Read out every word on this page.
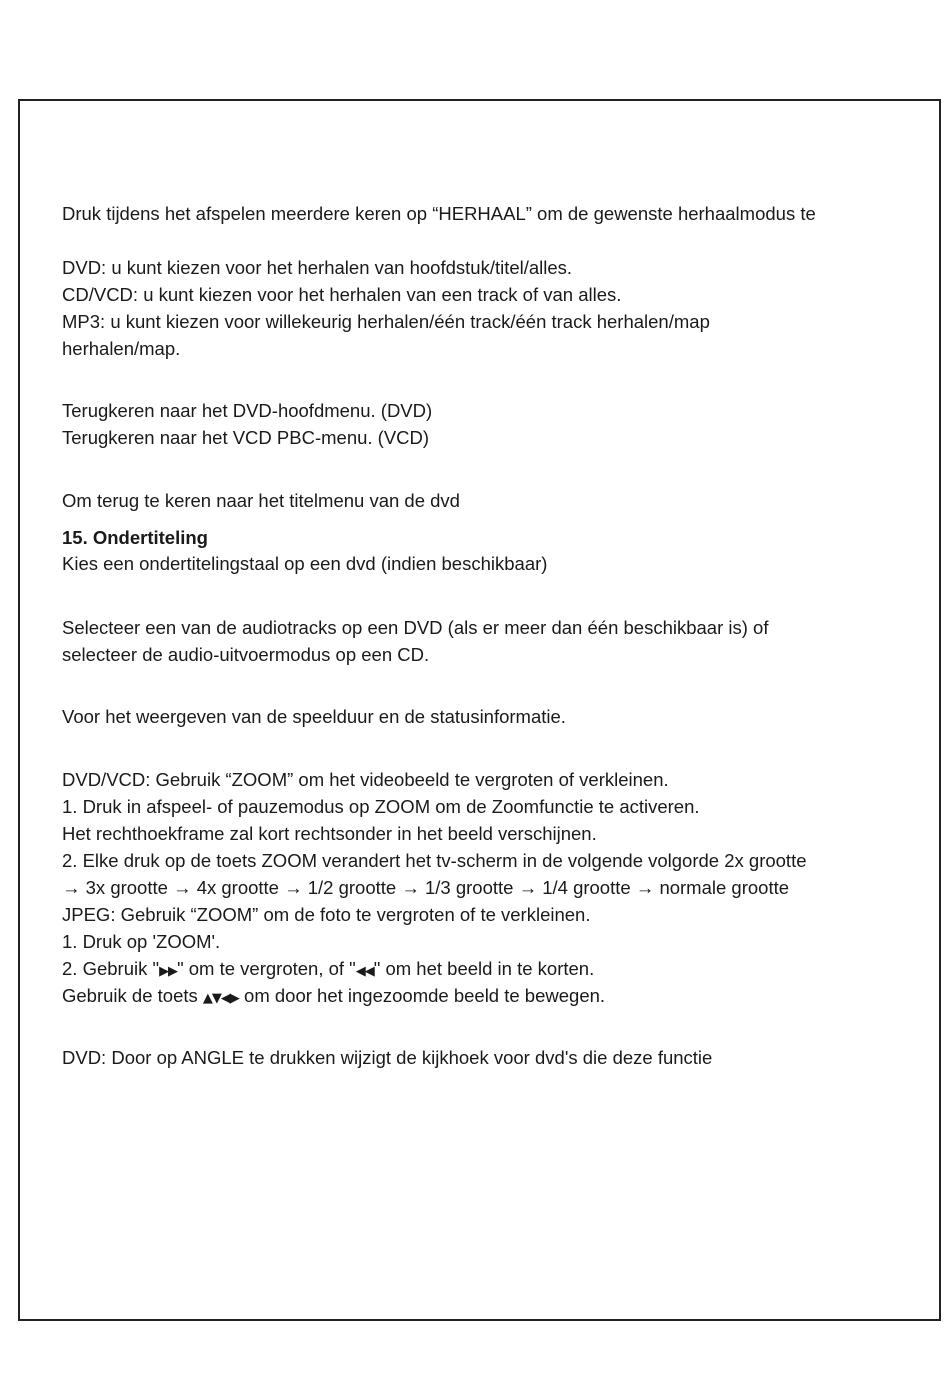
Druk tijdens het afspelen meerdere keren op “HERHAAL” om de gewenste herhaalmodus te
DVD: u kunt kiezen voor het herhalen van hoofdstuk/titel/alles.
CD/VCD: u kunt kiezen voor het herhalen van een track of van alles.
MP3: u kunt kiezen voor willekeurig herhalen/één track/één track herhalen/map
herhalen/map.
Terugkeren naar het DVD-hoofdmenu. (DVD)
Terugkeren naar het VCD PBC-menu. (VCD)
Om terug te keren naar het titelmenu van de dvd
15. Ondertiteling
Kies een ondertitelingstaal op een dvd (indien beschikbaar)
Selecteer een van de audiotracks op een DVD (als er meer dan één beschikbaar is) of
selecteer de audio-uitvoermodus op een CD.
Voor het weergeven van de speelduur en de statusinformatie.
DVD/VCD: Gebruik “ZOOM” om het videobeeld te vergroten of verkleinen.
1. Druk in afspeel- of pauzemodus op ZOOM om de Zoomfunctie te activeren.
Het rechthoekframe zal kort rechtsonder in het beeld verschijnen.
2. Elke druk op de toets ZOOM verandert het tv-scherm in de volgende volgorde 2x grootte
→ 3x grootte → 4x grootte → 1/2 grootte → 1/3 grootte → 1/4 grootte → normale grootte
JPEG: Gebruik “ZOOM” om de foto te vergroten of te verkleinen.
1. Druk op 'ZOOM'.
2. Gebruik "▶▶" om te vergroten, of "◀◀" om het beeld in te korten.
Gebruik de toets ▲▼◀▶ om door het ingezoomde beeld te bewegen.
DVD: Door op ANGLE te drukken wijzigt de kijkhoek voor dvd's die deze functie
